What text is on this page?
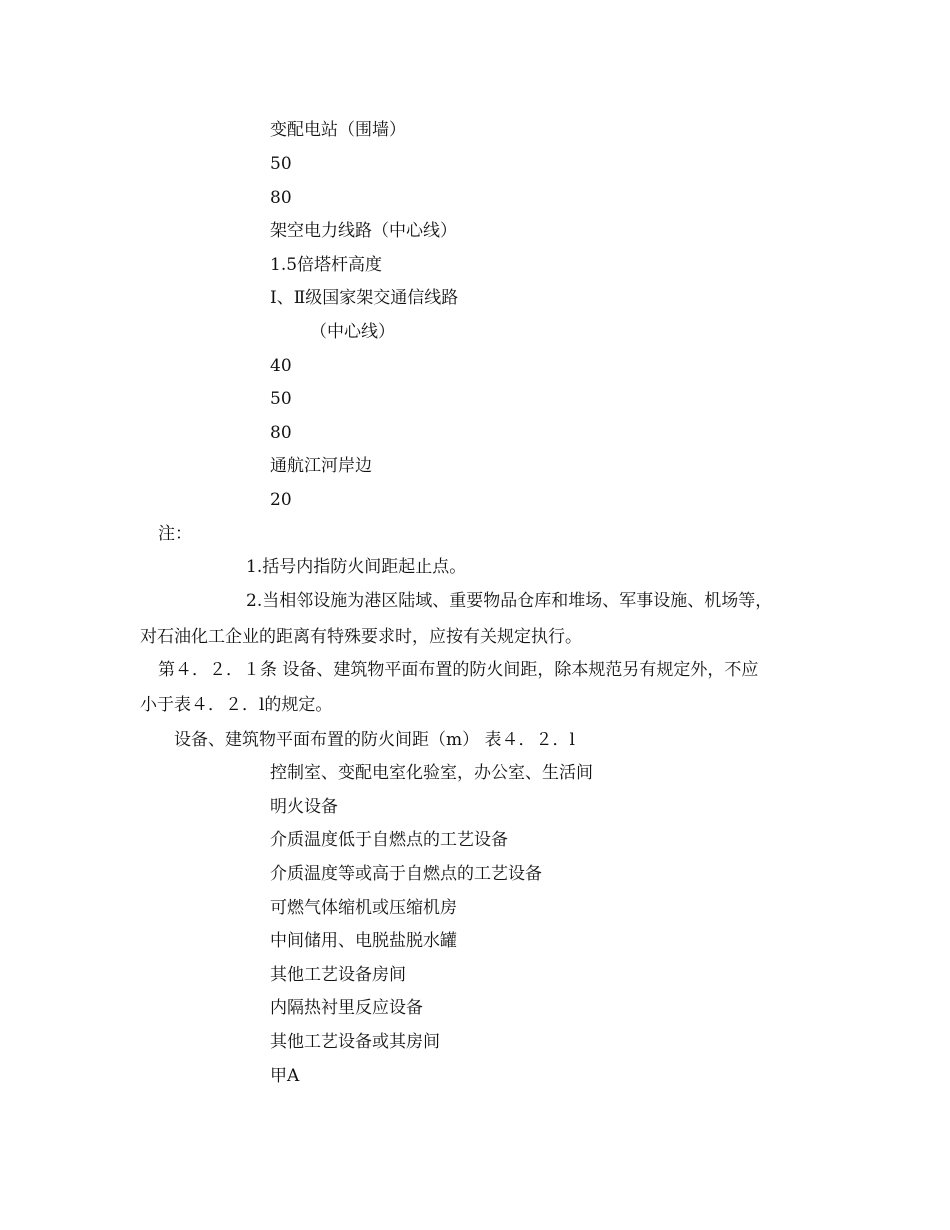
变配电站（围墙）
50
80
架空电力线路（中心线）
1.5倍塔杆高度
Ⅰ、Ⅱ级国家架交通信线路
（中心线）
40
50
80
通航江河岸边
20
注：
1.括号内指防火间距起止点。
2.当相邻设施为港区陆域、重要物品仓库和堆场、军事设施、机场等，
对石油化工企业的距离有特殊要求时，应按有关规定执行。
第４．２．１条 设备、建筑物平面布置的防火间距，除本规范另有规定外，不应
小于表４．２．l的规定。
设备、建筑物平面布置的防火间距（m） 表４．２．l
控制室、变配电室化验室，办公室、生活间
明火设备
介质温度低于自燃点的工艺设备
介质温度等或高于自燃点的工艺设备
可燃气体缩机或压缩机房
中间储用、电脱盐脱水罐
其他工艺设备房间
内隔热衬里反应设备
其他工艺设备或其房间
甲A
